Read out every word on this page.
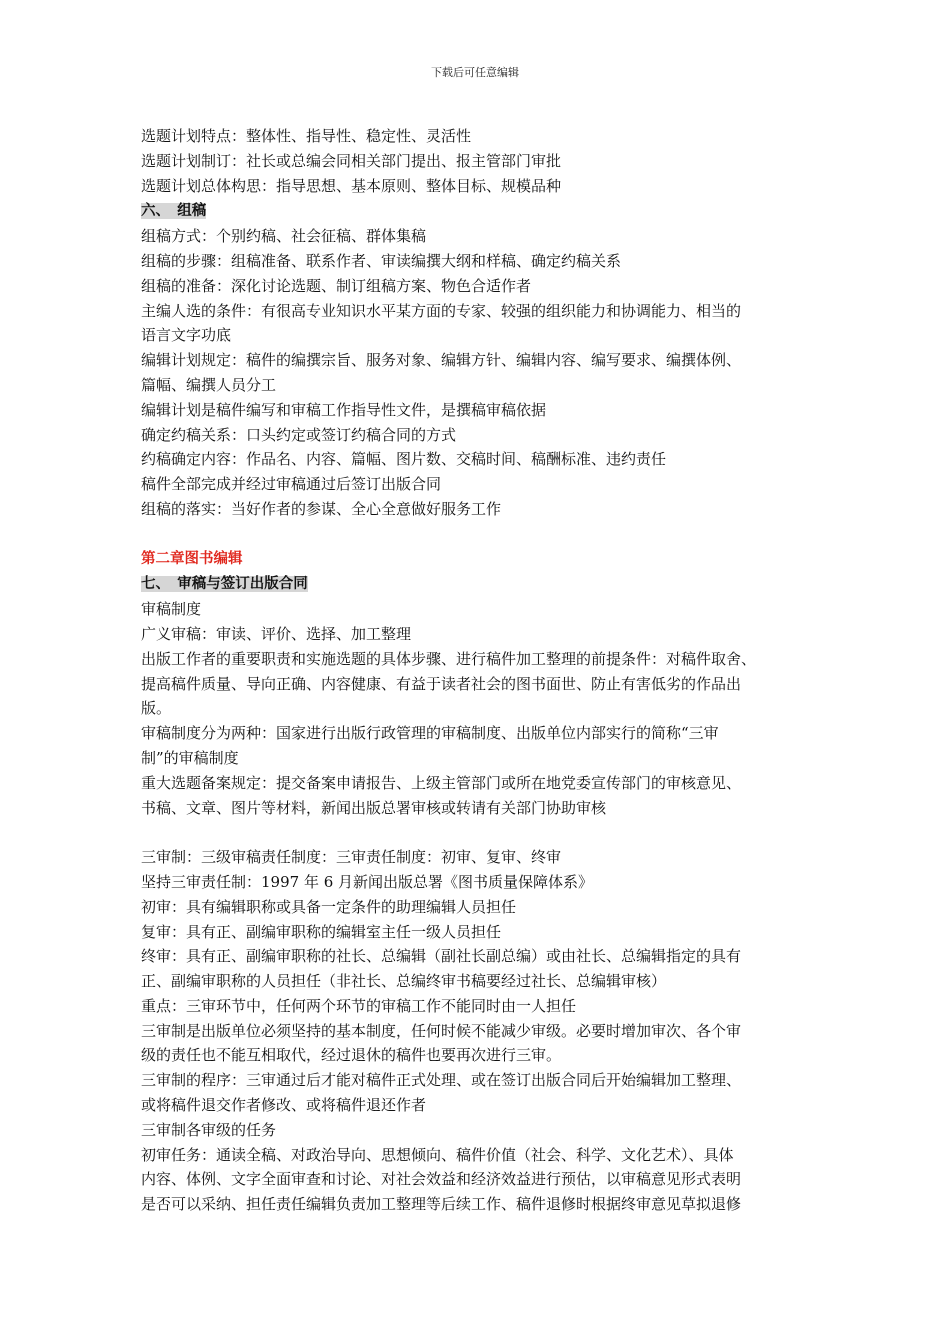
下载后可任意编辑

选题计划特点：整体性、指导性、稳定性、灵活性

选题计划制订：社长或总编会同相关部门提出、报主管部门审批

选题计划总体构思：指导思想、基本原则、整体目标、规模品种

六、　组稿

组稿方式：个别约稿、社会征稿、群体集稿

组稿的步骤：组稿准备、联系作者、审读编撰大纲和样稿、确定约稿关系

组稿的准备：深化讨论选题、制订组稿方案、物色合适作者

主编人选的条件：有很高专业知识水平某方面的专家、较强的组织能力和协调能力、相当的

语言文字功底

编辑计划规定：稿件的编撰宗旨、服务对象、编辑方针、编辑内容、编写要求、编撰体例、

篇幅、编撰人员分工

编辑计划是稿件编写和审稿工作指导性文件，是撰稿审稿依据

确定约稿关系：口头约定或签订约稿合同的方式

约稿确定内容：作品名、内容、篇幅、图片数、交稿时间、稿酬标准、违约责任

稿件全部完成并经过审稿通过后签订出版合同

组稿的落实：当好作者的参谋、全心全意做好服务工作

第二章图书编辑

七、　审稿与签订出版合同

审稿制度

广义审稿：审读、评价、选择、加工整理

出版工作者的重要职责和实施选题的具体步骤、进行稿件加工整理的前提条件：对稿件取舍、

提高稿件质量、导向正确、内容健康、有益于读者社会的图书面世、防止有害低劣的作品出

版。

审稿制度分为两种：国家进行出版行政管理的审稿制度、出版单位内部实行的简称“三审

制”的审稿制度

重大选题备案规定：提交备案申请报告、上级主管部门或所在地党委宣传部门的审核意见、

书稿、文章、图片等材料，新闻出版总署审核或转请有关部门协助审核

三审制：三级审稿责任制度：三审责任制度：初审、复审、终审

坚持三审责任制：1997 年 6 月新闻出版总署《图书质量保障体系》

初审：具有编辑职称或具备一定条件的助理编辑人员担任

复审：具有正、副编审职称的编辑室主任一级人员担任

终审：具有正、副编审职称的社长、总编辑（副社长副总编）或由社长、总编辑指定的具有

正、副编审职称的人员担任（非社长、总编终审书稿要经过社长、总编辑审核）

重点：三审环节中，任何两个环节的审稿工作不能同时由一人担任

三审制是出版单位必须坚持的基本制度，任何时候不能减少审级。必要时增加审次、各个审

级的责任也不能互相取代，经过退休的稿件也要再次进行三审。

三审制的程序：三审通过后才能对稿件正式处理、或在签订出版合同后开始编辑加工整理、

或将稿件退交作者修改、或将稿件退还作者

三审制各审级的任务

初审任务：通读全稿、对政治导向、思想倾向、稿件价值（社会、科学、文化艺术）、具体

内容、体例、文字全面审查和讨论、对社会效益和经济效益进行预估，以审稿意见形式表明

是否可以采纳、担任责任编辑负责加工整理等后续工作、稿件退修时根据终审意见草拟退修
